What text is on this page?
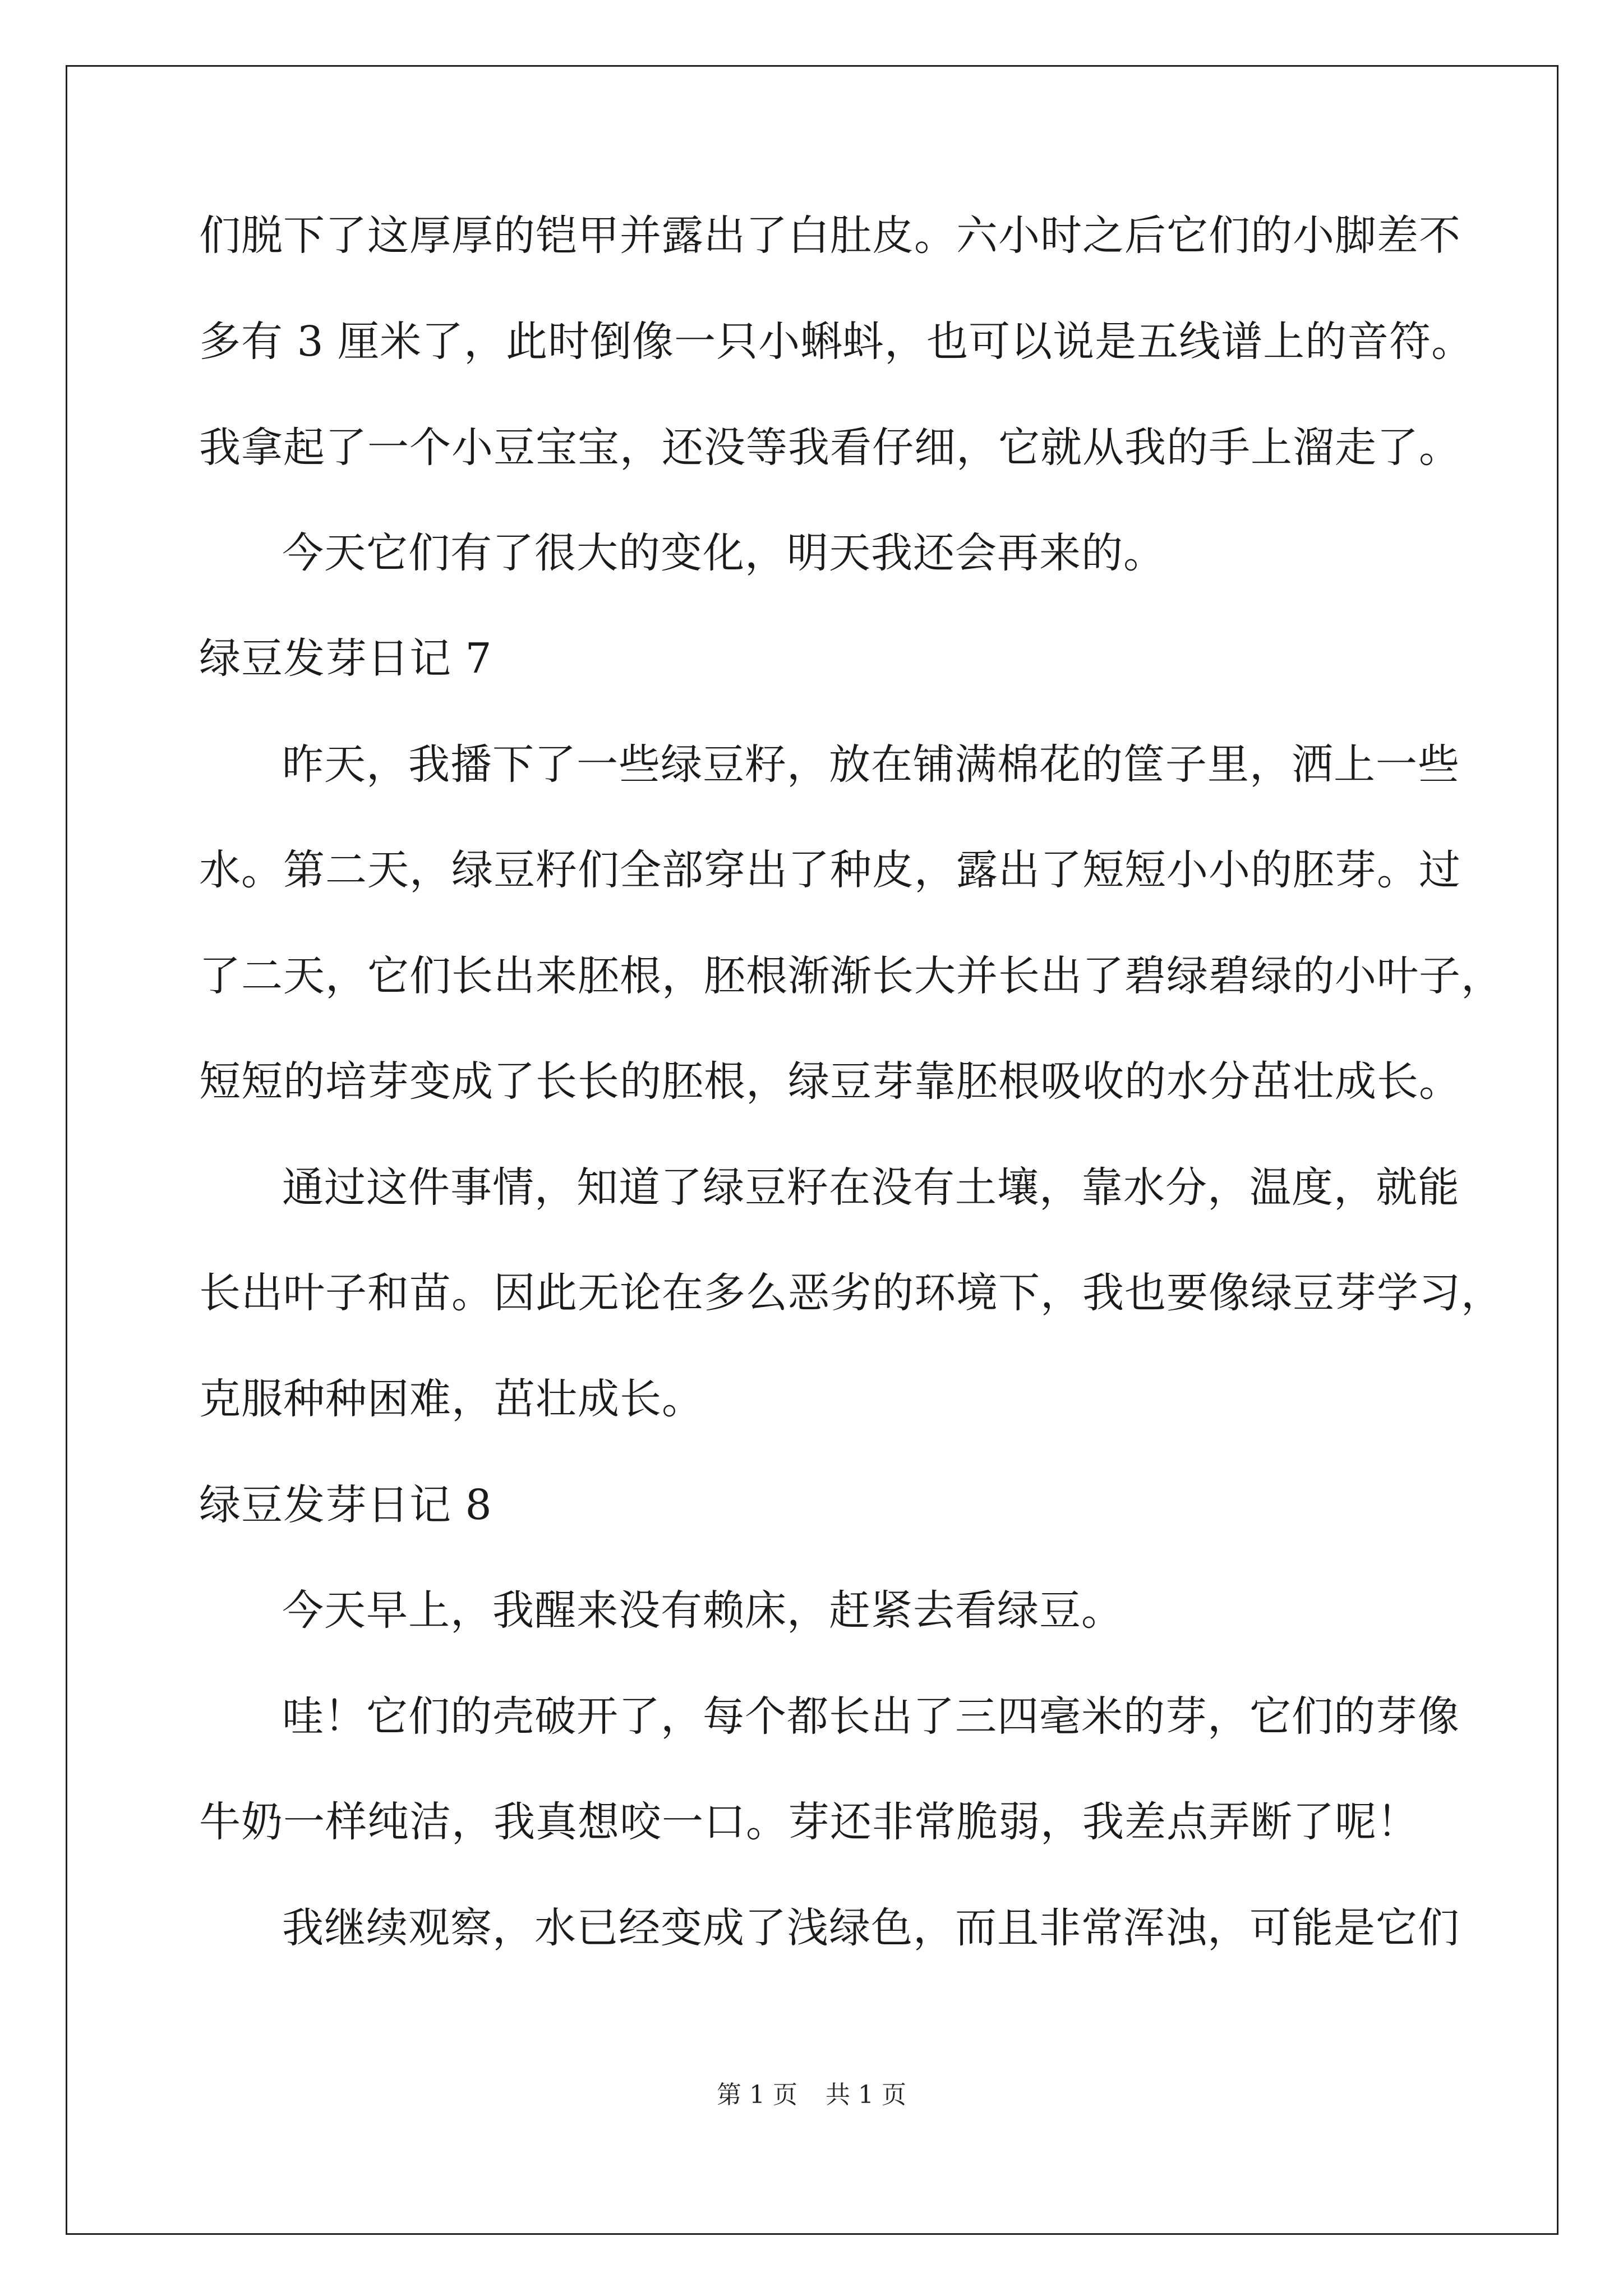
们脱下了这厚厚的铠甲并露出了白肚皮。六小时之后它们的小脚差不
多有 3 厘米了，此时倒像一只小蝌蚪，也可以说是五线谱上的音符。
我拿起了一个小豆宝宝，还没等我看仔细，它就从我的手上溜走了。
今天它们有了很大的变化，明天我还会再来的。
绿豆发芽日记 7
昨天，我播下了一些绿豆籽，放在铺满棉花的筐子里，洒上一些
水。第二天，绿豆籽们全部穿出了种皮，露出了短短小小的胚芽。过
了二天，它们长出来胚根，胚根渐渐长大并长出了碧绿碧绿的小叶子，
短短的培芽变成了长长的胚根，绿豆芽靠胚根吸收的水分茁壮成长。
通过这件事情，知道了绿豆籽在没有土壤，靠水分，温度，就能
长出叶子和苗。因此无论在多么恶劣的环境下，我也要像绿豆芽学习，
克服种种困难，茁壮成长。
绿豆发芽日记 8
今天早上，我醒来没有赖床，赶紧去看绿豆。
哇！它们的壳破开了，每个都长出了三四毫米的芽，它们的芽像
牛奶一样纯洁，我真想咬一口。芽还非常脆弱，我差点弄断了呢！
我继续观察，水已经变成了浅绿色，而且非常浑浊，可能是它们
第 1 页 共 1 页
